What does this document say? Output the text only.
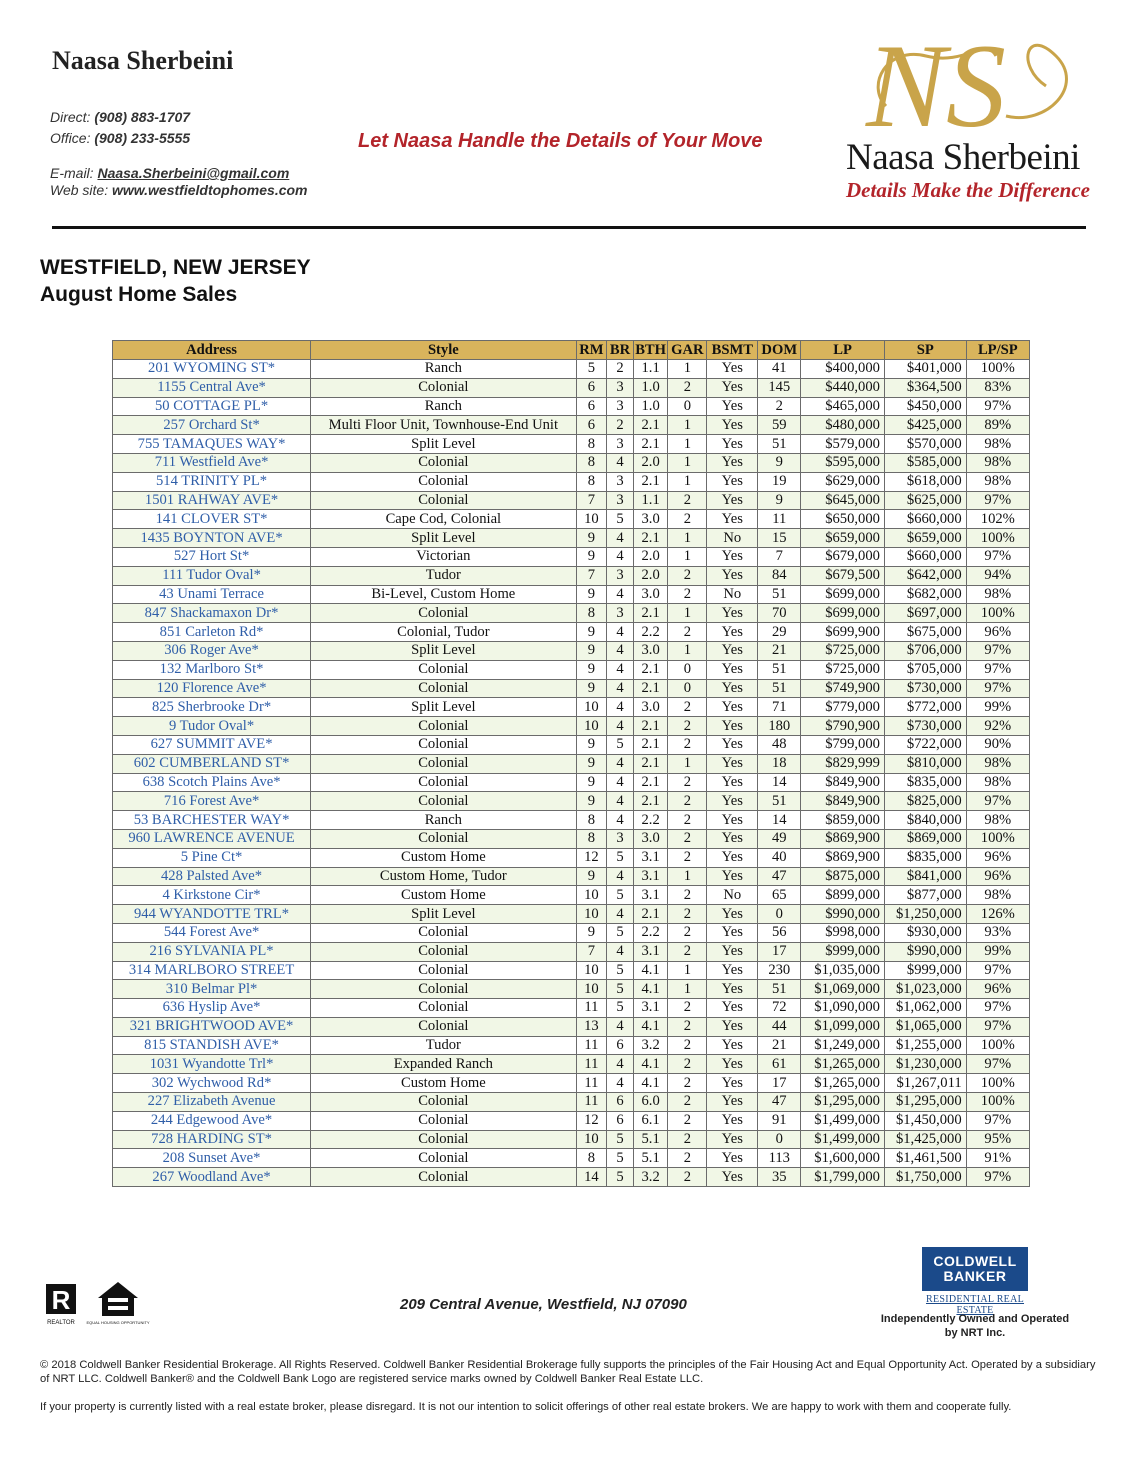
Naasa Sherbeini
Direct: (908) 883-1707
Office: (908) 233-5555
E-mail: Naasa.Sherbeini@gmail.com
Web site: www.westfieldtophomes.com
Let Naasa Handle the Details of Your Move NS
Naasa Sherbeini
Details Make the Difference
WESTFIELD, NEW JERSEY
August Home Sales
Address	Style	RM	BR	BTH	GAR	BSMT	DOM	LP	SP	LP/SP
201 WYOMING ST*	Ranch	5	2	1.1	1	Yes	41	$400,000	$401,000	100%
1155 Central Ave*	Colonial	6	3	1.0	2	Yes	145	$440,000	$364,500	83%
50 COTTAGE PL*	Ranch	6	3	1.0	0	Yes	2	$465,000	$450,000	97%
257 Orchard St*	Multi Floor Unit, Townhouse-End Unit	6	2	2.1	1	Yes	59	$480,000	$425,000	89%
755 TAMAQUES WAY*	Split Level	8	3	2.1	1	Yes	51	$579,000	$570,000	98%
711 Westfield Ave*	Colonial	8	4	2.0	1	Yes	9	$595,000	$585,000	98%
514 TRINITY PL*	Colonial	8	3	2.1	1	Yes	19	$629,000	$618,000	98%
1501 RAHWAY AVE*	Colonial	7	3	1.1	2	Yes	9	$645,000	$625,000	97%
141 CLOVER ST*	Cape Cod, Colonial	10	5	3.0	2	Yes	11	$650,000	$660,000	102%
1435 BOYNTON AVE*	Split Level	9	4	2.1	1	No	15	$659,000	$659,000	100%
527 Hort St*	Victorian	9	4	2.0	1	Yes	7	$679,000	$660,000	97%
111 Tudor Oval*	Tudor	7	3	2.0	2	Yes	84	$679,500	$642,000	94%
43 Unami Terrace	Bi-Level, Custom Home	9	4	3.0	2	No	51	$699,000	$682,000	98%
847 Shackamaxon Dr*	Colonial	8	3	2.1	1	Yes	70	$699,000	$697,000	100%
851 Carleton Rd*	Colonial, Tudor	9	4	2.2	2	Yes	29	$699,900	$675,000	96%
306 Roger Ave*	Split Level	9	4	3.0	1	Yes	21	$725,000	$706,000	97%
132 Marlboro St*	Colonial	9	4	2.1	0	Yes	51	$725,000	$705,000	97%
120 Florence Ave*	Colonial	9	4	2.1	0	Yes	51	$749,900	$730,000	97%
825 Sherbrooke Dr*	Split Level	10	4	3.0	2	Yes	71	$779,000	$772,000	99%
9 Tudor Oval*	Colonial	10	4	2.1	2	Yes	180	$790,900	$730,000	92%
627 SUMMIT AVE*	Colonial	9	5	2.1	2	Yes	48	$799,000	$722,000	90%
602 CUMBERLAND ST*	Colonial	9	4	2.1	1	Yes	18	$829,999	$810,000	98%
638 Scotch Plains Ave*	Colonial	9	4	2.1	2	Yes	14	$849,900	$835,000	98%
716 Forest Ave*	Colonial	9	4	2.1	2	Yes	51	$849,900	$825,000	97%
53 BARCHESTER WAY*	Ranch	8	4	2.2	2	Yes	14	$859,000	$840,000	98%
960 LAWRENCE AVENUE	Colonial	8	3	3.0	2	Yes	49	$869,900	$869,000	100%
5 Pine Ct*	Custom Home	12	5	3.1	2	Yes	40	$869,900	$835,000	96%
428 Palsted Ave*	Custom Home, Tudor	9	4	3.1	1	Yes	47	$875,000	$841,000	96%
4 Kirkstone Cir*	Custom Home	10	5	3.1	2	No	65	$899,000	$877,000	98%
944 WYANDOTTE TRL*	Split Level	10	4	2.1	2	Yes	0	$990,000	$1,250,000	126%
544 Forest Ave*	Colonial	9	5	2.2	2	Yes	56	$998,000	$930,000	93%
216 SYLVANIA PL*	Colonial	7	4	3.1	2	Yes	17	$999,000	$990,000	99%
314 MARLBORO STREET	Colonial	10	5	4.1	1	Yes	230	$1,035,000	$999,000	97%
310 Belmar Pl*	Colonial	10	5	4.1	1	Yes	51	$1,069,000	$1,023,000	96%
636 Hyslip Ave*	Colonial	11	5	3.1	2	Yes	72	$1,090,000	$1,062,000	97%
321 BRIGHTWOOD AVE*	Colonial	13	4	4.1	2	Yes	44	$1,099,000	$1,065,000	97%
815 STANDISH AVE*	Tudor	11	6	3.2	2	Yes	21	$1,249,000	$1,255,000	100%
1031 Wyandotte Trl*	Expanded Ranch	11	4	4.1	2	Yes	61	$1,265,000	$1,230,000	97%
302 Wychwood Rd*	Custom Home	11	4	4.1	2	Yes	17	$1,265,000	$1,267,011	100%
227 Elizabeth Avenue	Colonial	11	6	6.0	2	Yes	47	$1,295,000	$1,295,000	100%
244 Edgewood Ave*	Colonial	12	6	6.1	2	Yes	91	$1,499,000	$1,450,000	97%
728 HARDING ST*	Colonial	10	5	5.1	2	Yes	0	$1,499,000	$1,425,000	95%
208 Sunset Ave*	Colonial	8	5	5.1	2	Yes	113	$1,600,000	$1,461,500	91%
267 Woodland Ave*	Colonial	14	5	3.2	2	Yes	35	$1,799,000	$1,750,000	97%
R
REALTOR	EQUAL HOUSING OPPORTUNITY
209 Central Avenue, Westfield, NJ 07090
COLDWELL
BANKER
RESIDENTIAL REAL ESTATE
Independently Owned and Operated
by NRT Inc.
© 2018 Coldwell Banker Residential Brokerage. All Rights Reserved. Coldwell Banker Residential Brokerage fully supports the principles of the Fair Housing Act and Equal Opportunity Act. Operated by a subsidiary of NRT LLC. Coldwell Banker® and the Coldwell Bank Logo are registered service marks owned by Coldwell Banker Real Estate LLC.
If your property is currently listed with a real estate broker, please disregard. It is not our intention to solicit offerings of other real estate brokers. We are happy to work with them and cooperate fully.
